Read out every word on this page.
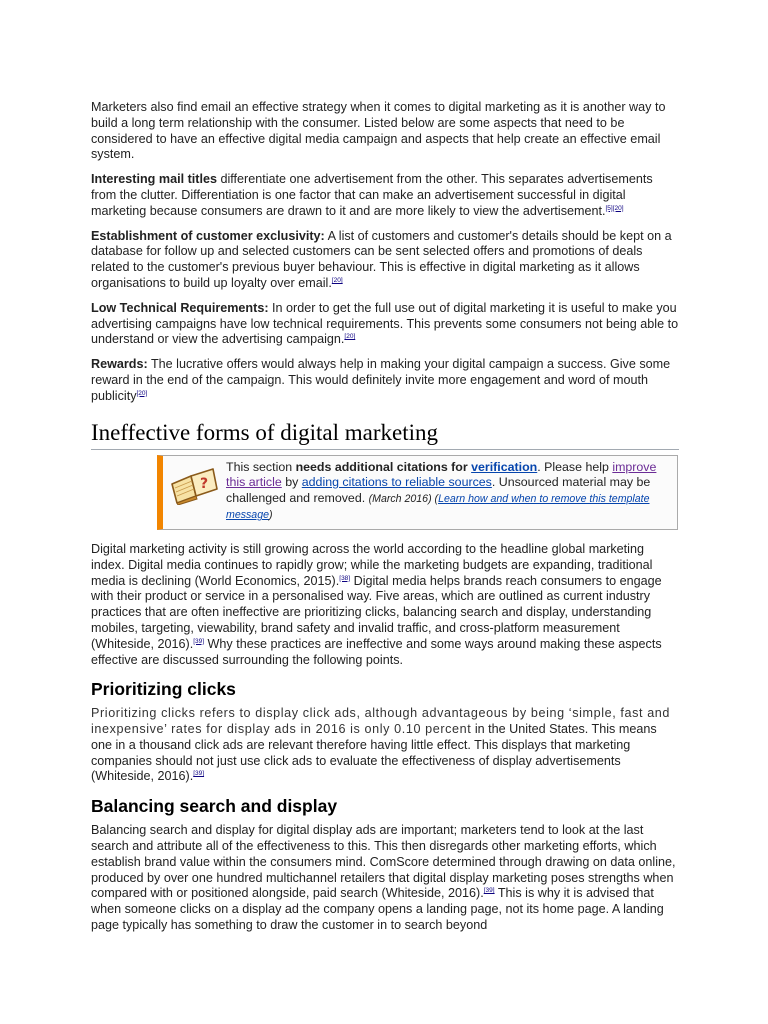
Marketers also find email an effective strategy when it comes to digital marketing as it is another way to build a long term relationship with the consumer. Listed below are some aspects that need to be considered to have an effective digital media campaign and aspects that help create an effective email system.

Interesting mail titles differentiate one advertisement from the other. This separates advertisements from the clutter. Differentiation is one factor that can make an advertisement successful in digital marketing because consumers are drawn to it and are more likely to view the advertisement.[5][20]

Establishment of customer exclusivity: A list of customers and customer's details should be kept on a database for follow up and selected customers can be sent selected offers and promotions of deals related to the customer's previous buyer behaviour. This is effective in digital marketing as it allows organisations to build up loyalty over email.[20]

Low Technical Requirements: In order to get the full use out of digital marketing it is useful to make you advertising campaigns have low technical requirements. This prevents some consumers not being able to understand or view the advertising campaign.[20]

Rewards: The lucrative offers would always help in making your digital campaign a success. Give some reward in the end of the campaign. This would definitely invite more engagement and word of mouth publicity[20]

Ineffective forms of digital marketing
?
This section needs additional citations for verification. Please help improve this article by adding citations to reliable sources. Unsourced material may be challenged and removed. (March 2016) (Learn how and when to remove this template message)

Digital marketing activity is still growing across the world according to the headline global marketing index. Digital media continues to rapidly grow; while the marketing budgets are expanding, traditional media is declining (World Economics, 2015).[38] Digital media helps brands reach consumers to engage with their product or service in a personalised way. Five areas, which are outlined as current industry practices that are often ineffective are prioritizing clicks, balancing search and display, understanding mobiles, targeting, viewability, brand safety and invalid traffic, and cross-platform measurement (Whiteside, 2016).[39] Why these practices are ineffective and some ways around making these aspects effective are discussed surrounding the following points.

Prioritizing clicks

Prioritizing clicks refers to display click ads, although advantageous by being ‘simple, fast and inexpensive’ rates for display ads in 2016 is only 0.10 percent in the United States. This means one in a thousand click ads are relevant therefore having little effect. This displays that marketing companies should not just use click ads to evaluate the effectiveness of display advertisements (Whiteside, 2016).[39]

Balancing search and display

Balancing search and display for digital display ads are important; marketers tend to look at the last search and attribute all of the effectiveness to this. This then disregards other marketing efforts, which establish brand value within the consumers mind. ComScore determined through drawing on data online, produced by over one hundred multichannel retailers that digital display marketing poses strengths when compared with or positioned alongside, paid search (Whiteside, 2016).[39] This is why it is advised that when someone clicks on a display ad the company opens a landing page, not its home page. A landing page typically has something to draw the customer in to search beyond
